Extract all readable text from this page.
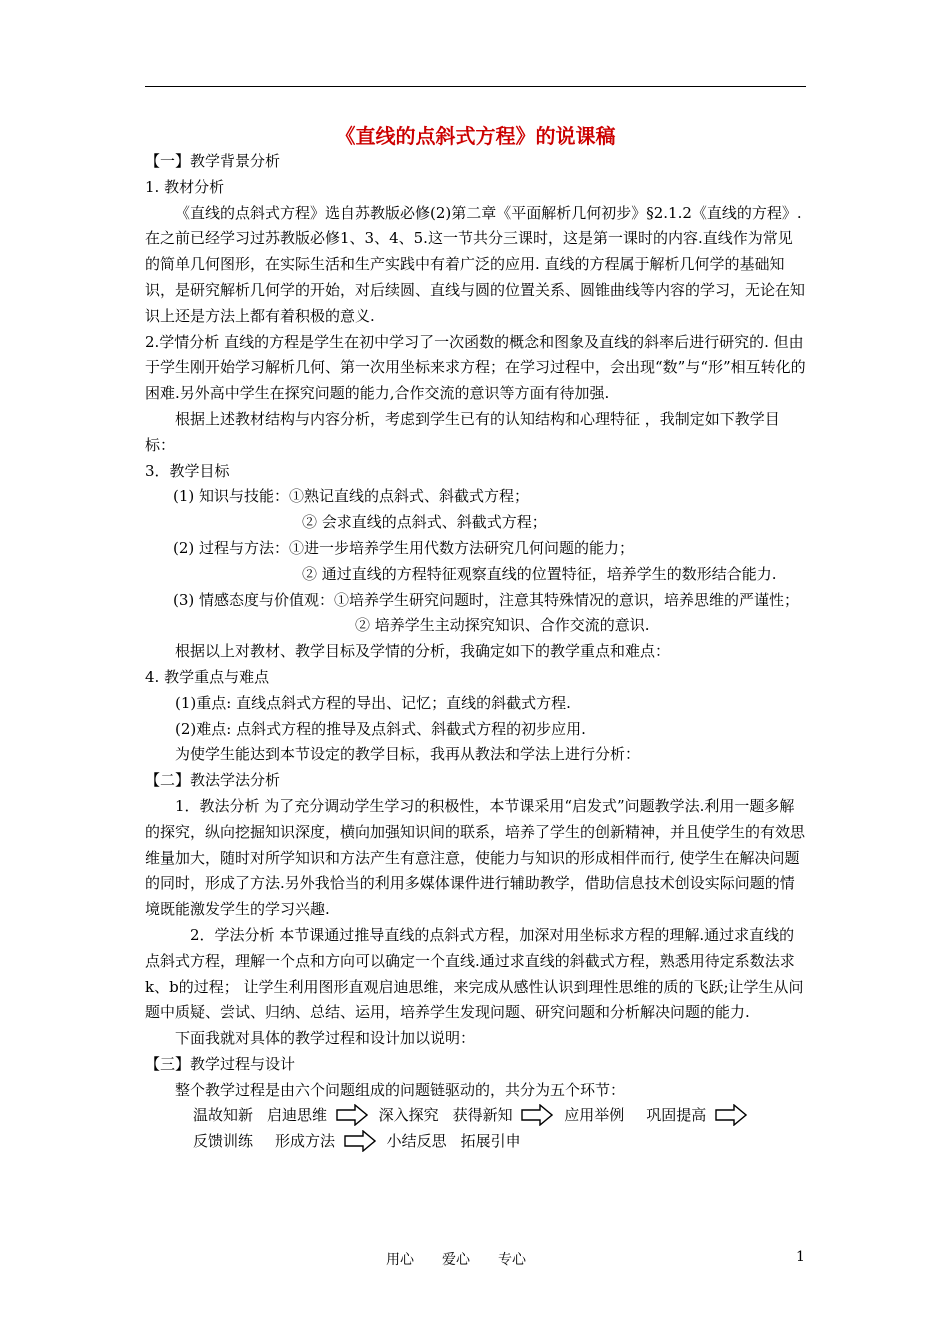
《直线的点斜式方程》的说课稿

【一】教学背景分析

1. 教材分析

《直线的点斜式方程》选自苏教版必修(2)第二章《平面解析几何初步》§2.1.2《直线的方程》.在之前已经学习过苏教版必修1、3、4、5.这一节共分三课时，这是第一课时的内容.直线作为常见的简单几何图形，在实际生活和生产实践中有着广泛的应用. 直线的方程属于解析几何学的基础知识，是研究解析几何学的开始，对后续圆、直线与圆的位置关系、圆锥曲线等内容的学习，无论在知识上还是方法上都有着积极的意义.

2.学情分析 直线的方程是学生在初中学习了一次函数的概念和图象及直线的斜率后进行研究的. 但由于学生刚开始学习解析几何、第一次用坐标来求方程；在学习过程中，会出现“数”与“形”相互转化的困难.另外高中学生在探究问题的能力,合作交流的意识等方面有待加强.

根据上述教材结构与内容分析，考虑到学生已有的认知结构和心理特征 ，我制定如下教学目标：

3．教学目标

(1) 知识与技能：①熟记直线的点斜式、斜截式方程；

② 会求直线的点斜式、斜截式方程；

(2) 过程与方法：①进一步培养学生用代数方法研究几何问题的能力；

② 通过直线的方程特征观察直线的位置特征，培养学生的数形结合能力.

(3) 情感态度与价值观：①培养学生研究问题时，注意其特殊情况的意识，培养思维的严谨性；

② 培养学生主动探究知识、合作交流的意识.

根据以上对教材、教学目标及学情的分析，我确定如下的教学重点和难点：

4. 教学重点与难点

(1)重点: 直线点斜式方程的导出、记忆；直线的斜截式方程.

(2)难点: 点斜式方程的推导及点斜式、斜截式方程的初步应用.

为使学生能达到本节设定的教学目标，我再从教法和学法上进行分析：

【二】教法学法分析

1．教法分析 为了充分调动学生学习的积极性，本节课采用“启发式”问题教学法.利用一题多解的探究，纵向挖掘知识深度，横向加强知识间的联系，培养了学生的创新精神，并且使学生的有效思维量加大，随时对所学知识和方法产生有意注意，使能力与知识的形成相伴而行, 使学生在解决问题的同时，形成了方法.另外我恰当的利用多媒体课件进行辅助教学，借助信息技术创设实际问题的情境既能激发学生的学习兴趣.

2．学法分析 本节课通过推导直线的点斜式方程，加深对用坐标求方程的理解.通过求直线的点斜式方程，理解一个点和方向可以确定一个直线.通过求直线的斜截式方程，熟悉用待定系数法求k、b的过程； 让学生利用图形直观启迪思维，来完成从感性认识到理性思维的质的飞跃;让学生从问题中质疑、尝试、归纳、总结、运用，培养学生发现问题、研究问题和分析解决问题的能力.

下面我就对具体的教学过程和设计加以说明：

【三】教学过程与设计

整个教学过程是由六个问题组成的问题链驱动的，共分为五个环节：

温故知新 启迪思维	深入探究 获得新知	应用举例 巩固提高

反馈训练 形成方法	小结反思 拓展引申

用心 爱心 专心	1
